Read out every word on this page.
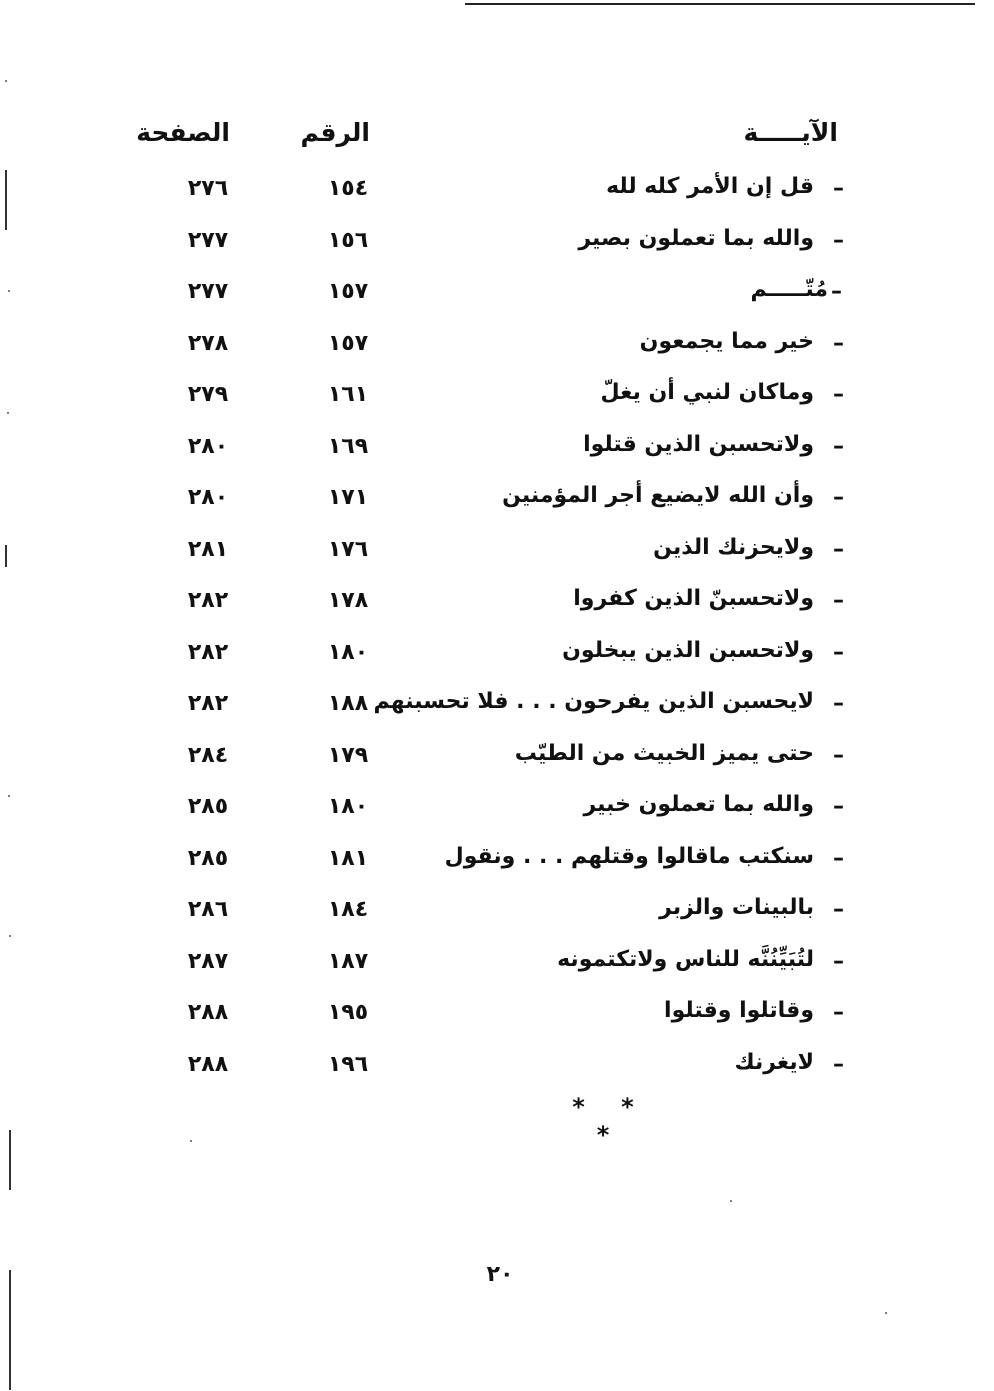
الآيـــــة
الرقم
الصفحة
–
قل إن الأمر كله لله
١٥٤
٢٧٦
–
والله بما تعملون بصير
١٥٦
٢٧٧
–
مُتّـــــم
١٥٧
٢٧٧
–
خير مما يجمعون
١٥٧
٢٧٨
–
وماكان لنبي أن يغلّ
١٦١
٢٧٩
–
ولاتحسبن الذين قتلوا
١٦٩
٢٨٠
–
وأن الله لايضيع أجر المؤمنين
١٧١
٢٨٠
–
ولايحزنك الذين
١٧٦
٢٨١
–
ولاتحسبنّ الذين كفروا
١٧٨
٢٨٢
–
ولاتحسبن الذين يبخلون
١٨٠
٢٨٢
–
لايحسبن الذين يفرحون . . . فلا تحسبنهم
١٨٨
٢٨٢
–
حتى يميز الخبيث من الطيّب
١٧٩
٢٨٤
–
والله بما تعملون خبير
١٨٠
٢٨٥
–
سنكتب ماقالوا وقتلهم . . . ونقول
١٨١
٢٨٥
–
بالبينات والزبر
١٨٤
٢٨٦
–
لتُبَيِّنُنَّه للناس ولاتكتمونه
١٨٧
٢٨٧
–
وقاتلوا وقتلوا
١٩٥
٢٨٨
–
لايغرنك
١٩٦
٢٨٨
* * *
٢٠
